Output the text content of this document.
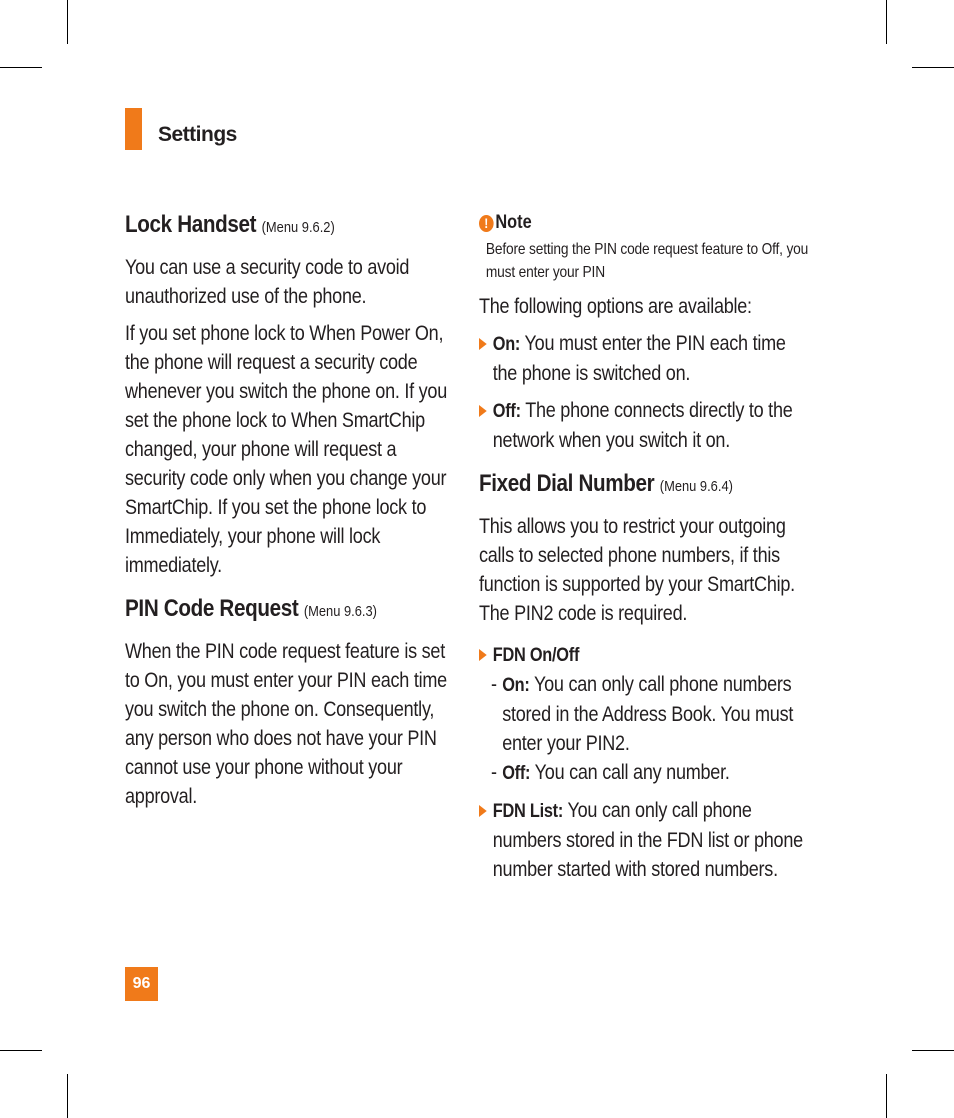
Settings
Lock Handset (Menu 9.6.2)

You can use a security code to avoid unauthorized use of the phone.

If you set phone lock to When Power On, the phone will request a security code whenever you switch the phone on. If you set the phone lock to When SmartChip changed, your phone will request a security code only when you change your SmartChip. If you set the phone lock to Immediately, your phone will lock immediately.

PIN Code Request (Menu 9.6.3)

When the PIN code request feature is set to On, you must enter your PIN each time you switch the phone on. Consequently, any person who does not have your PIN cannot use your phone without your approval.

! Note

Before setting the PIN code request feature to Off, you must enter your PIN

The following options are available:

On: You must enter the PIN each time the phone is switched on.
Off: The phone connects directly to the network when you switch it on.
Fixed Dial Number (Menu 9.6.4)

This allows you to restrict your outgoing calls to selected phone numbers, if this function is supported by your SmartChip. The PIN2 code is required.

FDN On/Off
- On: You can only call phone numbers stored in the Address Book. You must enter your PIN2.
- Off: You can call any number.
FDN List: You can only call phone numbers stored in the FDN list or phone number started with stored numbers.
96
